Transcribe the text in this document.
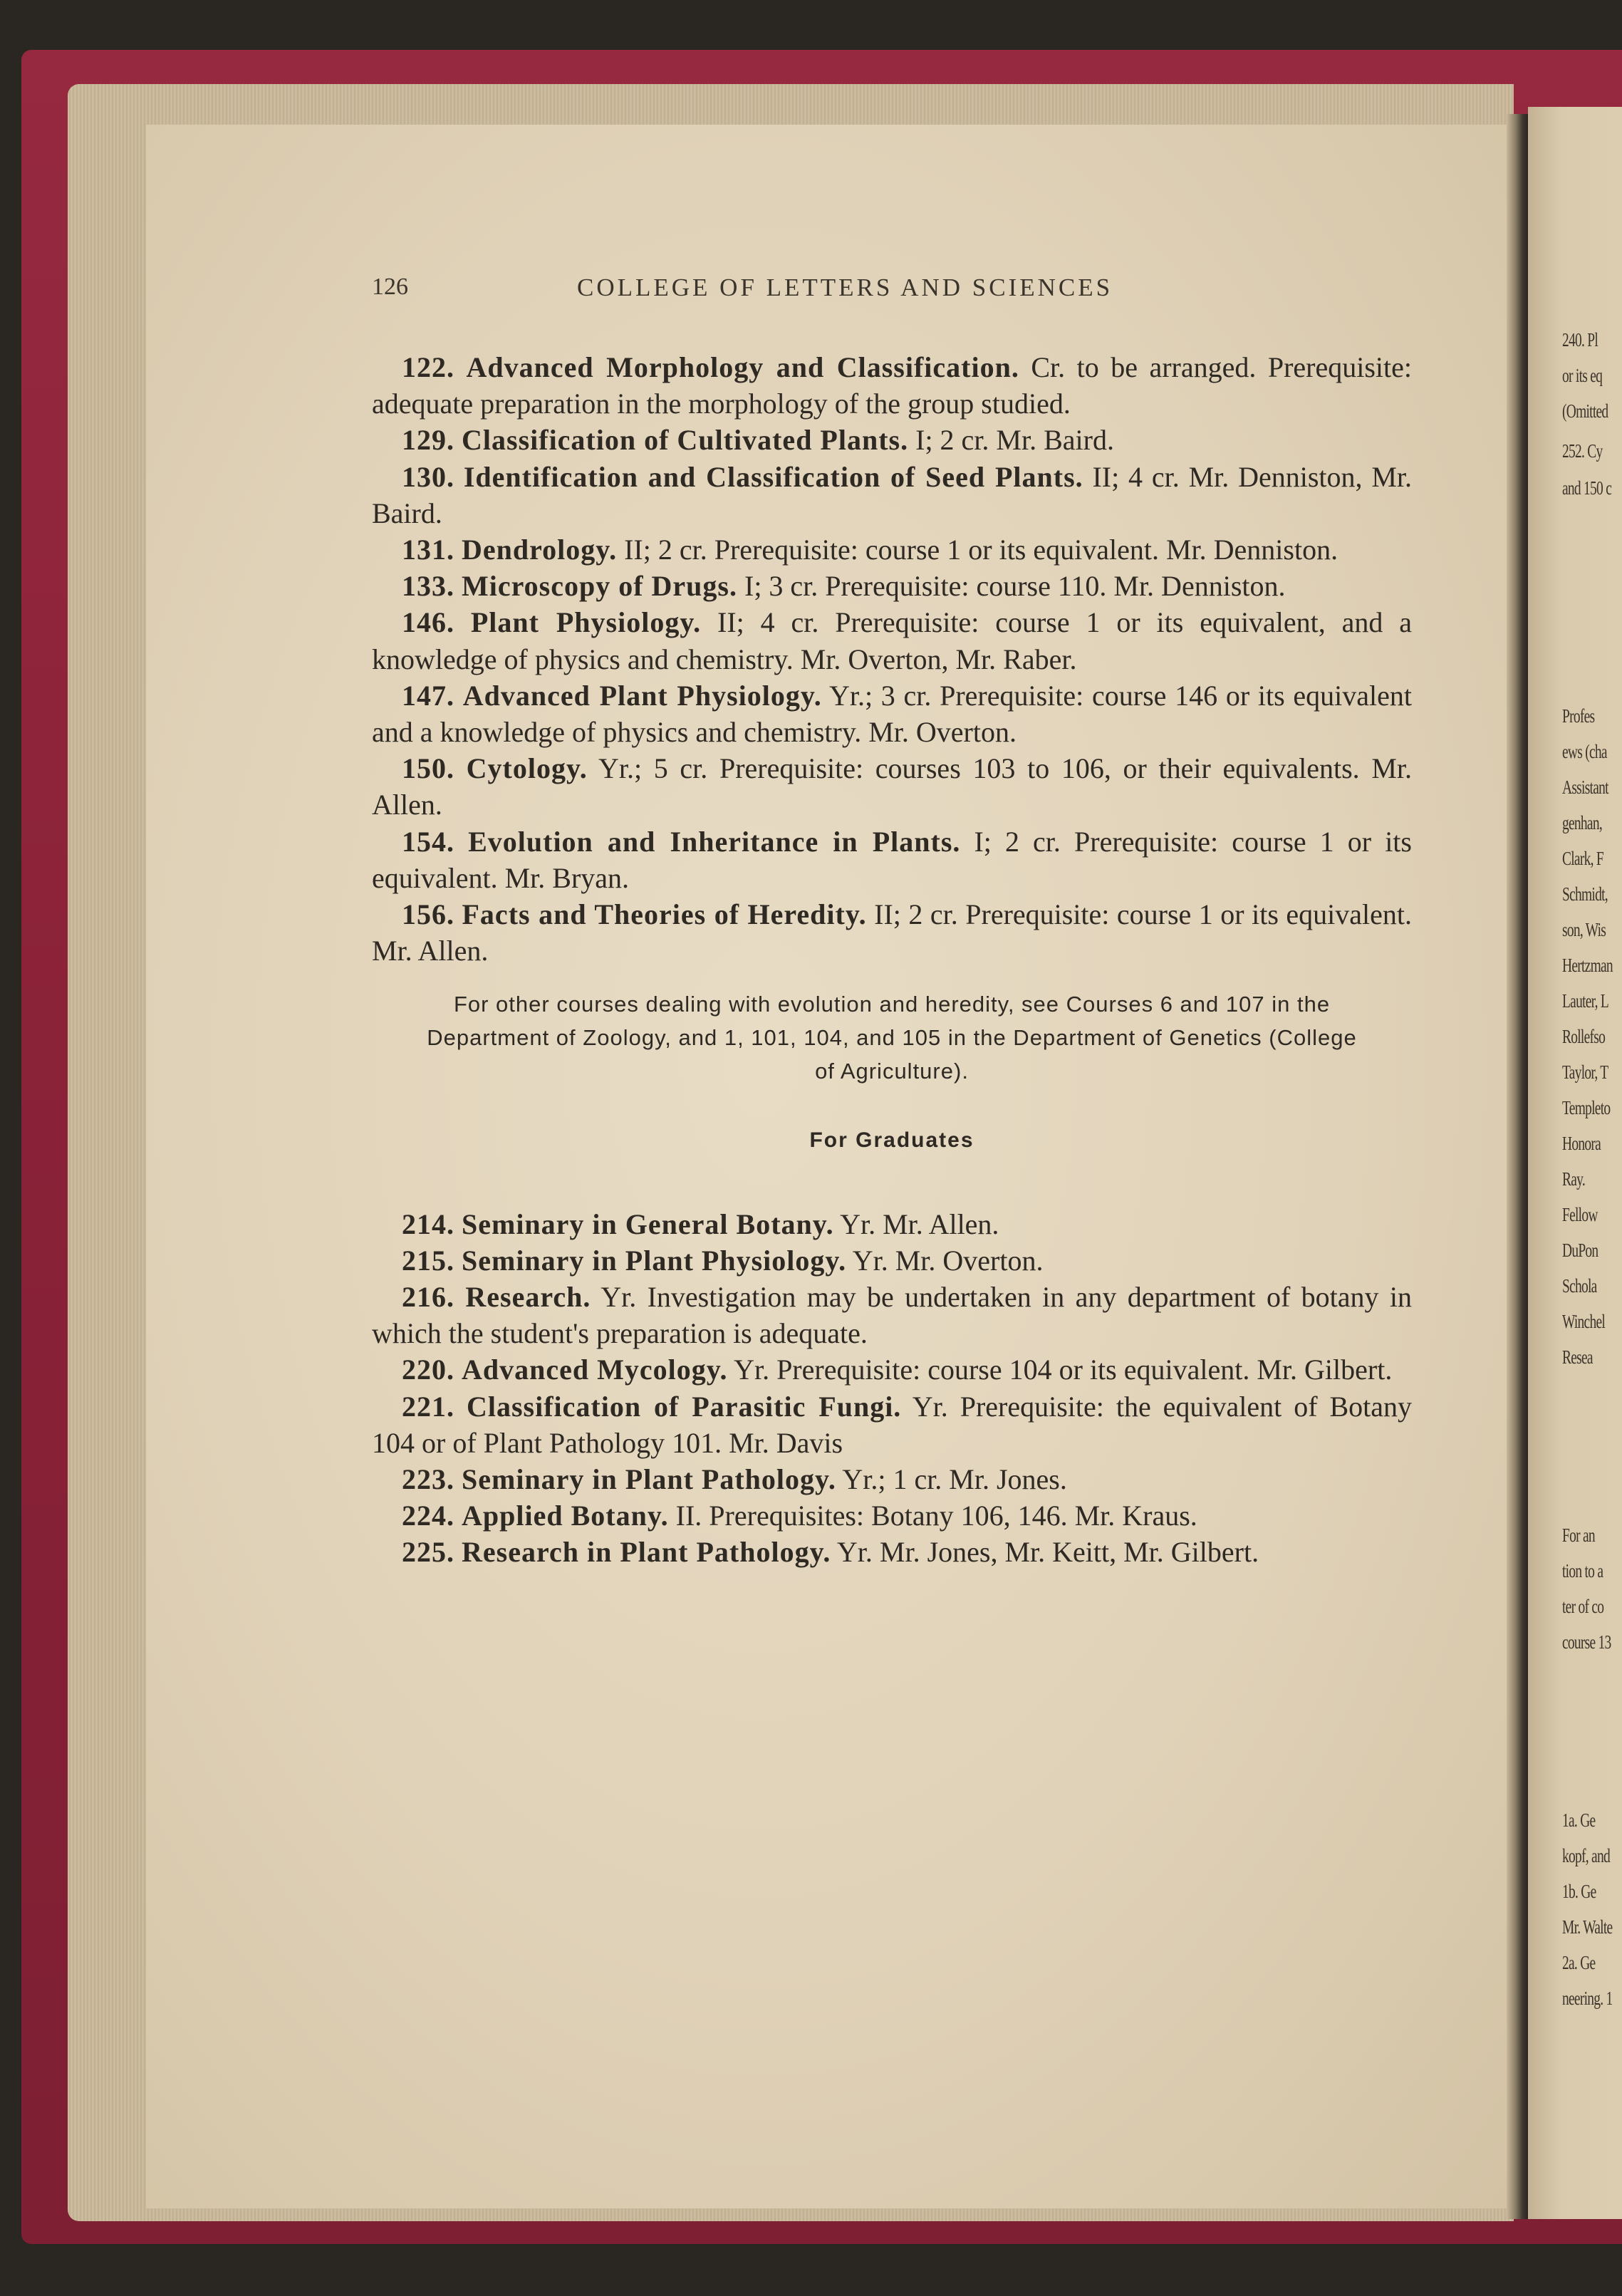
240. Pl
or its eq
(Omitted
252. Cy
and 150 c
Profes
ews (cha
Assistant
genhan,
Clark, F
Schmidt,
son, Wis
Hertzman
Lauter, L
Rollefso
Taylor, T
Templeto
Honora
Ray.
Fellow
DuPon
Schola
Winchel
Resea
For an
tion to a
ter of co
course 13
1a. Ge
kopf, and
1b. Ge
Mr. Walte
2a. Ge
neering. 1
126	COLLEGE OF LETTERS AND SCIENCES

122. Advanced Morphology and Classification. Cr. to be arranged. Prerequisite: adequate preparation in the morphology of the group studied.

129. Classification of Cultivated Plants. I; 2 cr. Mr. Baird.

130. Identification and Classification of Seed Plants. II; 4 cr. Mr. Denniston, Mr. Baird.

131. Dendrology. II; 2 cr. Prerequisite: course 1 or its equivalent. Mr. Denniston.

133. Microscopy of Drugs. I; 3 cr. Prerequisite: course 110. Mr. Denniston.

146. Plant Physiology. II; 4 cr. Prerequisite: course 1 or its equivalent, and a knowledge of physics and chemistry. Mr. Overton, Mr. Raber.

147. Advanced Plant Physiology. Yr.; 3 cr. Prerequisite: course 146 or its equivalent and a knowledge of physics and chemistry. Mr. Overton.

150. Cytology. Yr.; 5 cr. Prerequisite: courses 103 to 106, or their equivalents. Mr. Allen.

154. Evolution and Inheritance in Plants. I; 2 cr. Prerequisite: course 1 or its equivalent. Mr. Bryan.

156. Facts and Theories of Heredity. II; 2 cr. Prerequisite: course 1 or its equivalent. Mr. Allen.

For other courses dealing with evolution and heredity, see Courses 6 and 107 in the Department of Zoology, and 1, 101, 104, and 105 in the Department of Genetics (College of Agriculture).

For Graduates

214. Seminary in General Botany. Yr. Mr. Allen.

215. Seminary in Plant Physiology. Yr. Mr. Overton.

216. Research. Yr. Investigation may be undertaken in any department of botany in which the student's preparation is adequate.

220. Advanced Mycology. Yr. Prerequisite: course 104 or its equivalent. Mr. Gilbert.

221. Classification of Parasitic Fungi. Yr. Prerequisite: the equivalent of Botany 104 or of Plant Pathology 101. Mr. Davis

223. Seminary in Plant Pathology. Yr.; 1 cr. Mr. Jones.

224. Applied Botany. II. Prerequisites: Botany 106, 146. Mr. Kraus.

225. Research in Plant Pathology. Yr. Mr. Jones, Mr. Keitt, Mr. Gilbert.
